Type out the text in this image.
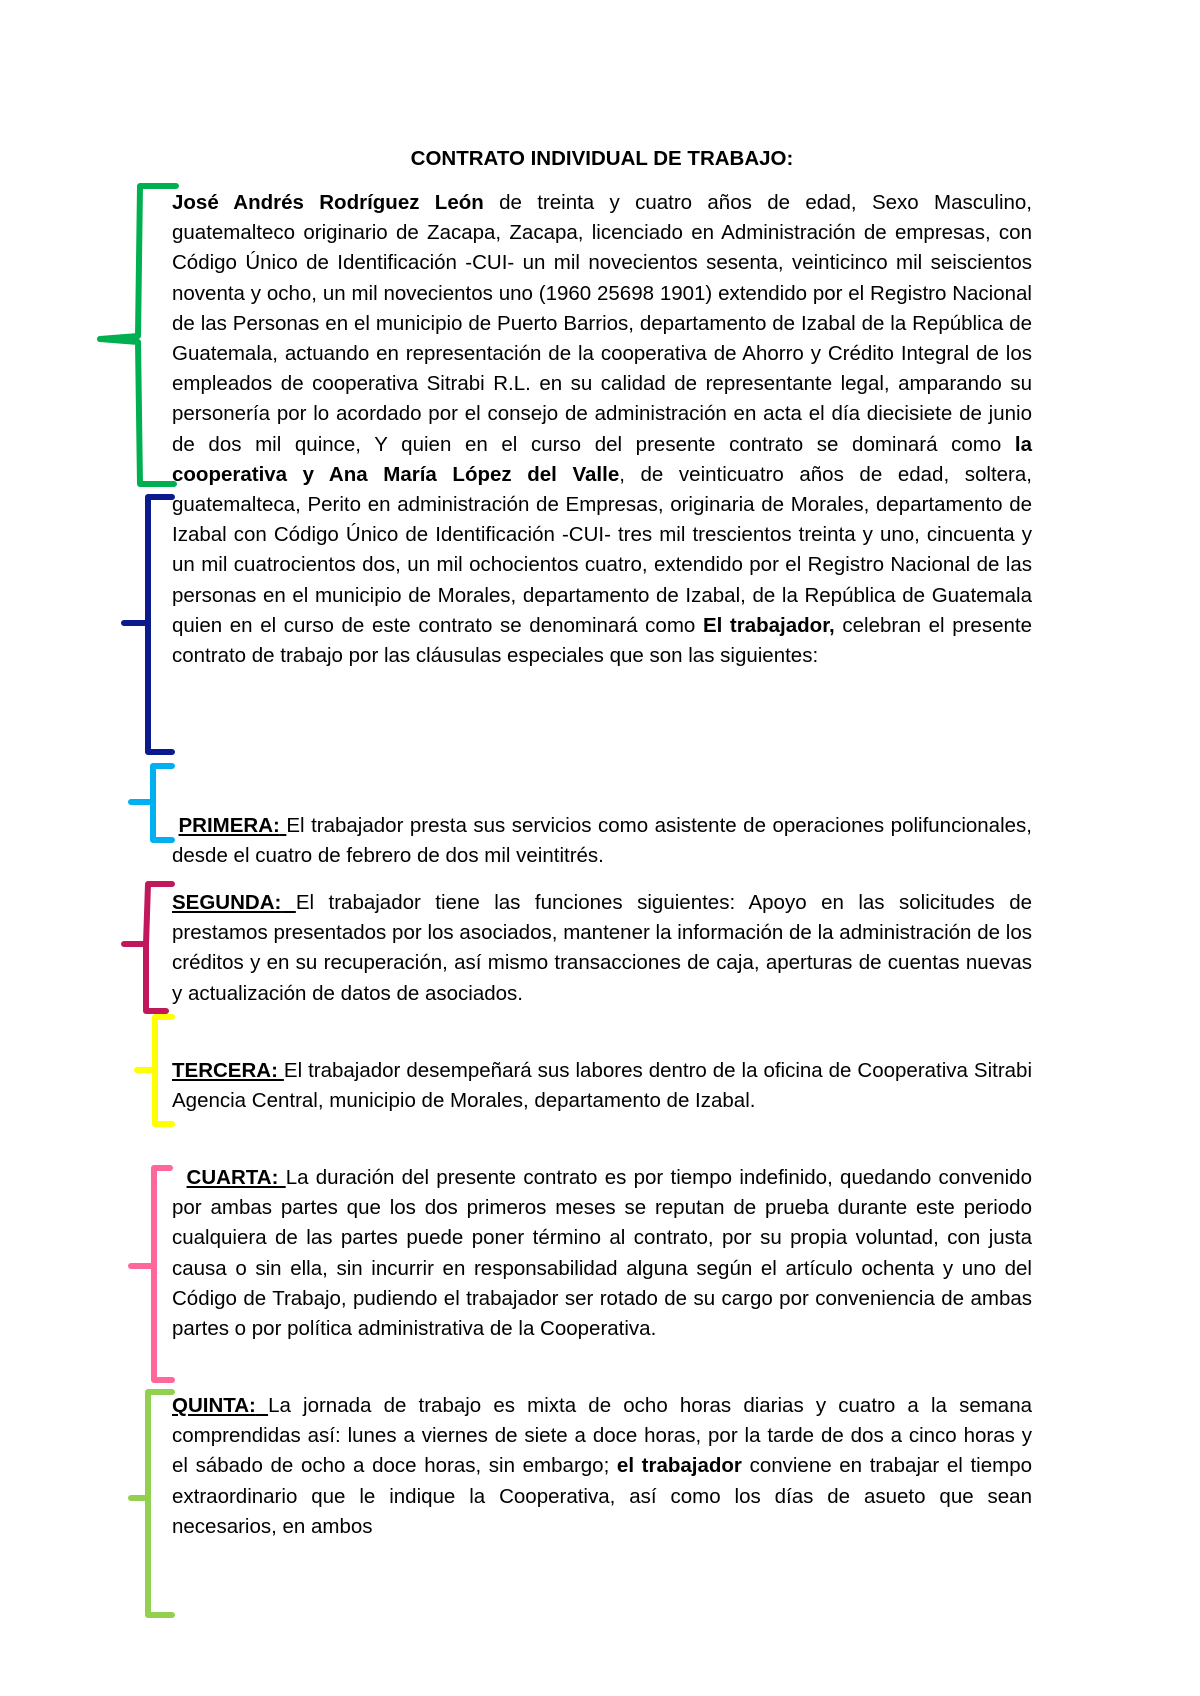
CONTRATO INDIVIDUAL DE TRABAJO:

José Andrés Rodríguez León de treinta y cuatro años de edad, Sexo Masculino, guatemalteco originario de Zacapa, Zacapa, licenciado en Administración de empresas, con Código Único de Identificación -CUI- un mil novecientos sesenta, veinticinco mil seiscientos noventa y ocho, un mil novecientos uno (1960 25698 1901) extendido por el Registro Nacional de las Personas en el municipio de Puerto Barrios, departamento de Izabal de la República de Guatemala, actuando en representación de la cooperativa de Ahorro y Crédito Integral de los empleados de cooperativa Sitrabi R.L. en su calidad de representante legal, amparando su personería por lo acordado por el consejo de administración en acta el día diecisiete de junio de dos mil quince, Y quien en el curso del presente contrato se dominará como la cooperativa y Ana María López del Valle, de veinticuatro años de edad, soltera, guatemalteca, Perito en administración de Empresas, originaria de Morales, departamento de Izabal con Código Único de Identificación -CUI- tres mil trescientos treinta y uno, cincuenta y un mil cuatrocientos dos, un mil ochocientos cuatro, extendido por el Registro Nacional de las personas en el municipio de Morales, departamento de Izabal, de la República de Guatemala quien en el curso de este contrato se denominará como El trabajador, celebran el presente contrato de trabajo por las cláusulas especiales que son las siguientes:

PRIMERA: El trabajador presta sus servicios como asistente de operaciones polifuncionales, desde el cuatro de febrero de dos mil veintitrés.

SEGUNDA: El trabajador tiene las funciones siguientes: Apoyo en las solicitudes de prestamos presentados por los asociados, mantener la información de la administración de los créditos y en su recuperación, así mismo transacciones de caja, aperturas de cuentas nuevas y actualización de datos de asociados.

TERCERA: El trabajador desempeñará sus labores dentro de la oficina de Cooperativa Sitrabi Agencia Central, municipio de Morales, departamento de Izabal.

CUARTA: La duración del presente contrato es por tiempo indefinido, quedando convenido por ambas partes que los dos primeros meses se reputan de prueba durante este periodo cualquiera de las partes puede poner término al contrato, por su propia voluntad, con justa causa o sin ella, sin incurrir en responsabilidad alguna según el artículo ochenta y uno del Código de Trabajo, pudiendo el trabajador ser rotado de su cargo por conveniencia de ambas partes o por política administrativa de la Cooperativa.

QUINTA: La jornada de trabajo es mixta de ocho horas diarias y cuatro a la semana comprendidas así: lunes a viernes de siete a doce horas, por la tarde de dos a cinco horas y el sábado de ocho a doce horas, sin embargo; el trabajador conviene en trabajar el tiempo extraordinario que le indique la Cooperativa, así como los días de asueto que sean necesarios, en ambos
